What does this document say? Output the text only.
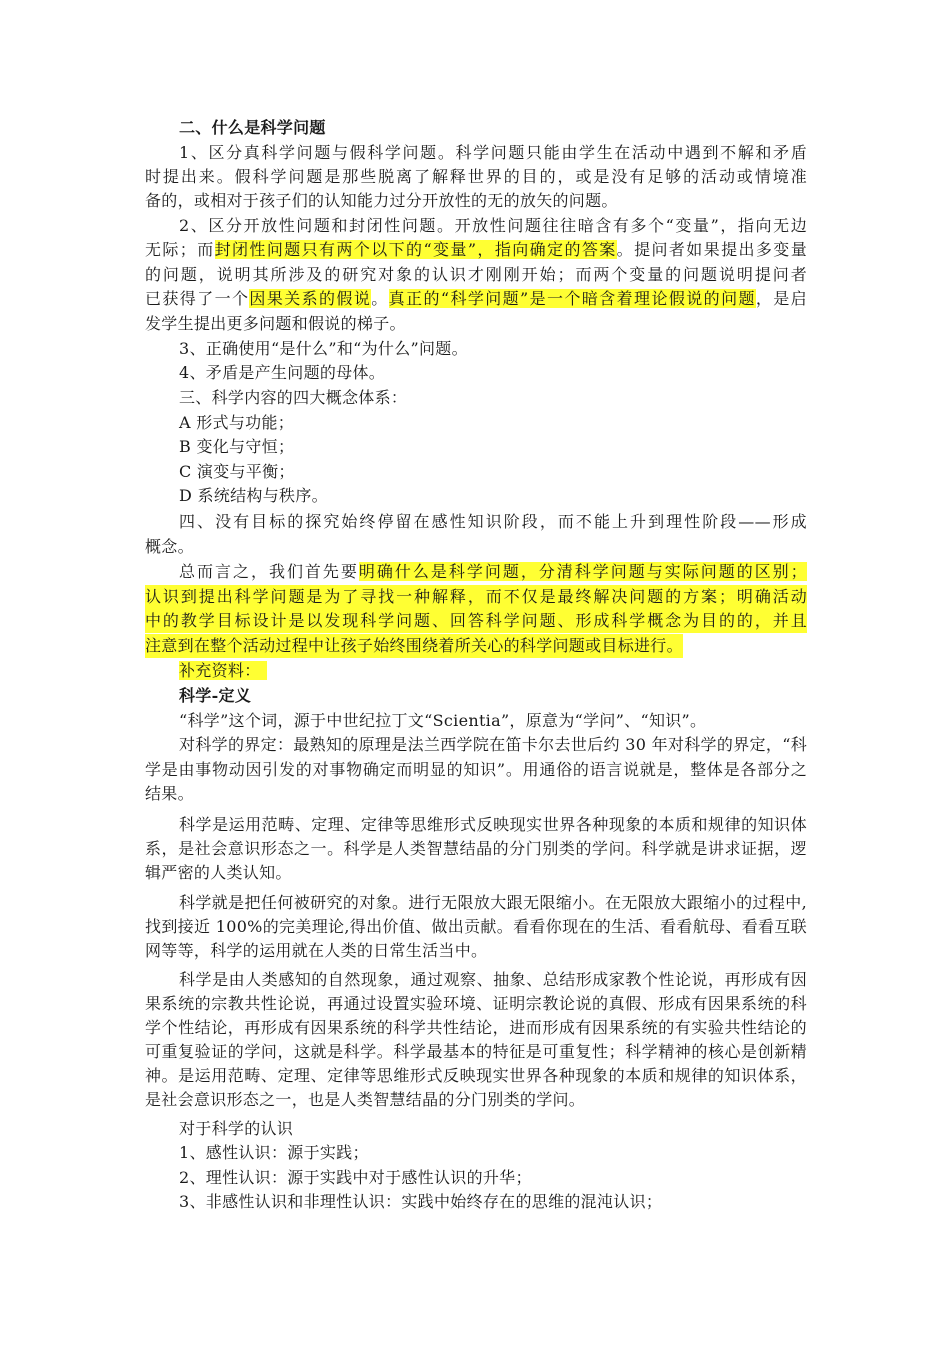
二、什么是科学问题
1、区分真科学问题与假科学问题。科学问题只能由学生在活动中遇到不解和矛盾
时提出来。假科学问题是那些脱离了解释世界的目的，或是没有足够的活动或情境准
备的，或相对于孩子们的认知能力过分开放性的无的放矢的问题。
2、区分开放性问题和封闭性问题。开放性问题往往暗含有多个“变量”，指向无边
无际；而封闭性问题只有两个以下的“变量”，指向确定的答案。提问者如果提出多变量
的问题，说明其所涉及的研究对象的认识才刚刚开始；而两个变量的问题说明提问者
已获得了一个因果关系的假说。真正的“科学问题”是一个暗含着理论假说的问题，是启
发学生提出更多问题和假说的梯子。
3、正确使用“是什么”和“为什么”问题。
4、矛盾是产生问题的母体。
三、科学内容的四大概念体系：
A 形式与功能；
B 变化与守恒；
C 演变与平衡；
D 系统结构与秩序。
四、没有目标的探究始终停留在感性知识阶段，而不能上升到理性阶段——形成
概念。
总而言之，我们首先要明确什么是科学问题，分清科学问题与实际问题的区别；
认识到提出科学问题是为了寻找一种解释，而不仅是最终解决问题的方案；明确活动
中的教学目标设计是以发现科学问题、回答科学问题、形成科学概念为目的的，并且
注意到在整个活动过程中让孩子始终围绕着所关心的科学问题或目标进行。
补充资料：
科学-定义
“科学”这个词，源于中世纪拉丁文“Scientia”，原意为“学问”、“知识”。
对科学的界定：最熟知的原理是法兰西学院在笛卡尔去世后约 30 年对科学的界定，“科
学是由事物动因引发的对事物确定而明显的知识”。用通俗的语言说就是，整体是各部分之
结果。
科学是运用范畴、定理、定律等思维形式反映现实世界各种现象的本质和规律的知识体
系，是社会意识形态之一。科学是人类智慧结晶的分门别类的学问。科学就是讲求证据，逻
辑严密的人类认知。
科学就是把任何被研究的对象。进行无限放大跟无限缩小。在无限放大跟缩小的过程中,
找到接近 100%的完美理论,得出价值、做出贡献。看看你现在的生活、看看航母、看看互联
网等等，科学的运用就在人类的日常生活当中。
科学是由人类感知的自然现象，通过观察、抽象、总结形成家教个性论说，再形成有因
果系统的宗教共性论说，再通过设置实验环境、证明宗教论说的真假、形成有因果系统的科
学个性结论，再形成有因果系统的科学共性结论，进而形成有因果系统的有实验共性结论的
可重复验证的学问，这就是科学。科学最基本的特征是可重复性；科学精神的核心是创新精
神。是运用范畴、定理、定律等思维形式反映现实世界各种现象的本质和规律的知识体系，
是社会意识形态之一，也是人类智慧结晶的分门别类的学问。
对于科学的认识
1、感性认识：源于实践；
2、理性认识：源于实践中对于感性认识的升华；
3、非感性认识和非理性认识：实践中始终存在的思维的混沌认识；
